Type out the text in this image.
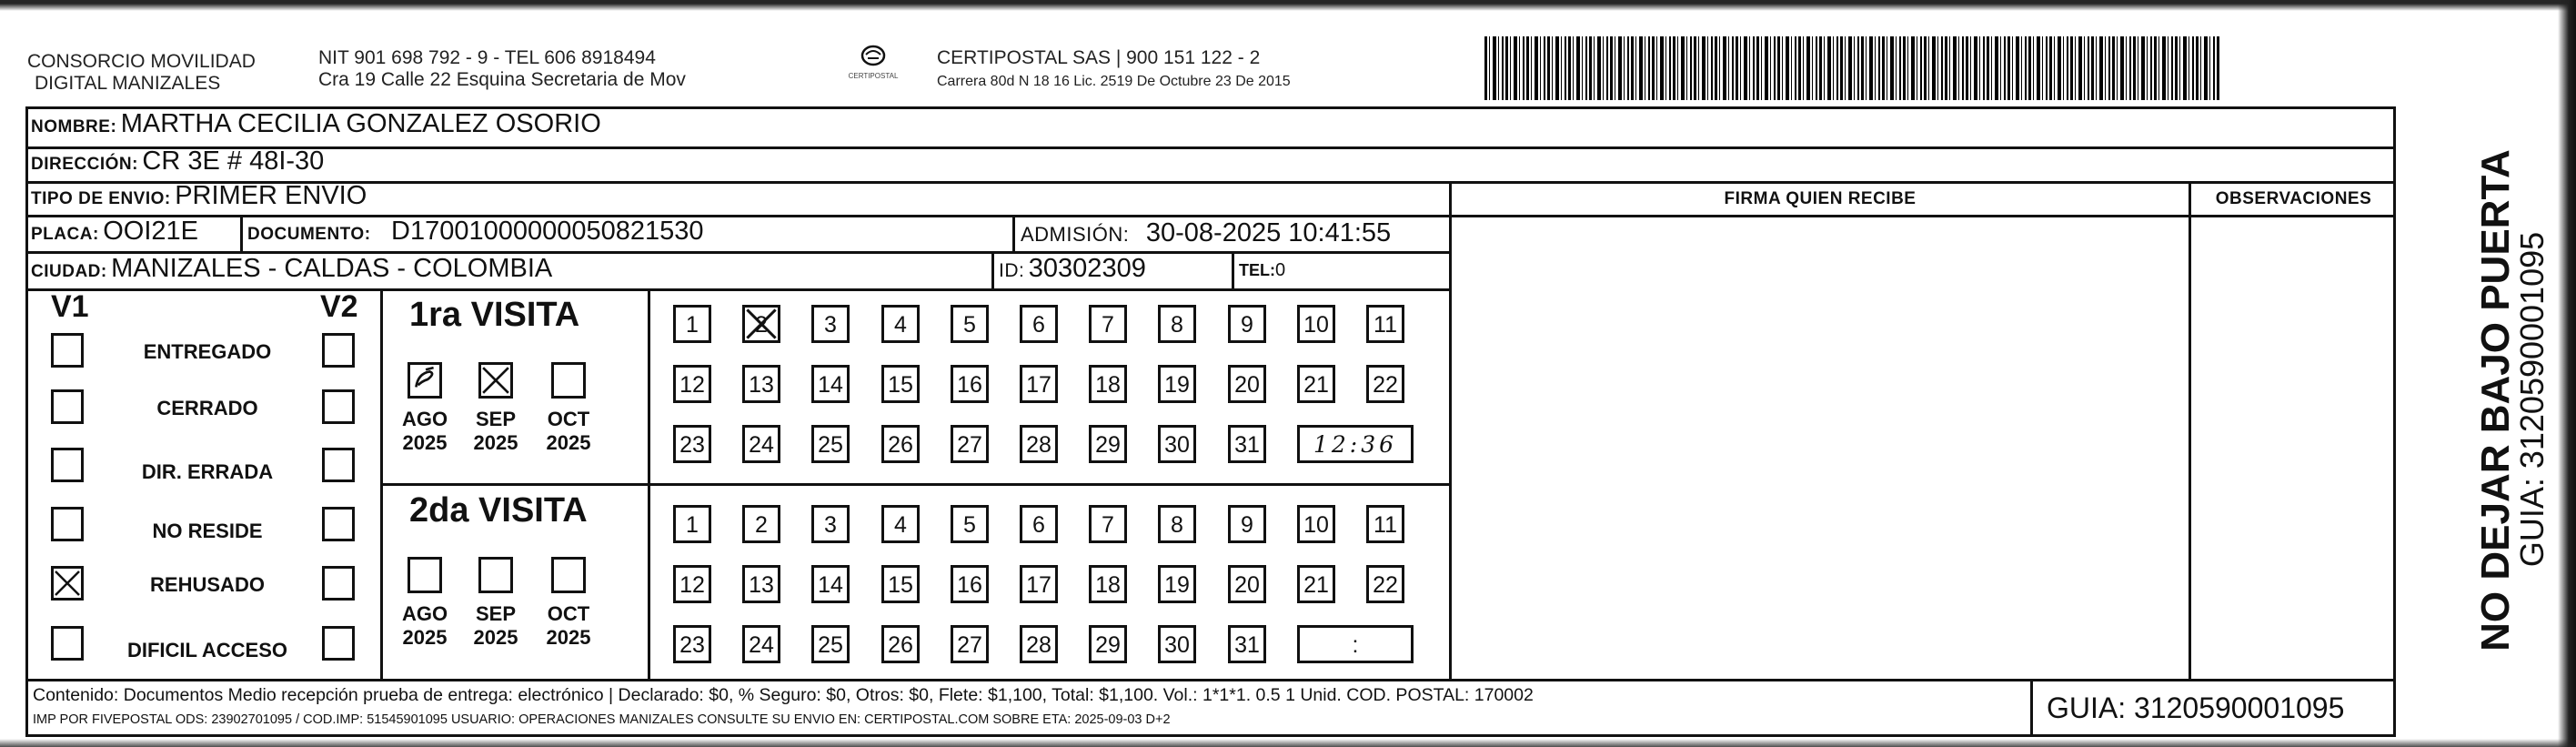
CONSORCIO MOVILIDAD
DIGITAL MANIZALES
NIT 901 698 792 - 9 - TEL 606 8918494
Cra 19 Calle 22 Esquina Secretaria de Mov	CERTIPOSTAL
CERTIPOSTAL SAS | 900 151 122 - 2
Carrera 80d N 18 16 Lic. 2519 De Octubre 23 De 2015
NOMBRE: MARTHA CECILIA GONZALEZ OSORIO
DIRECCIÓN: CR 3E # 48I-30
TIPO DE ENVIO: PRIMER ENVIO	FIRMA QUIEN RECIBE	OBSERVACIONES
PLACA: OOI21E	DOCUMENTO: D17001000000050821530	ADMISIÓN: 30-08-2025 10:41:55
CIUDAD: MANIZALES - CALDAS - COLOMBIA	ID: 30302309	TEL:0
V1	V2
ENTREGADO
CERRADO
DIR. ERRADA
NO RESIDE
REHUSADO
DIFICIL ACCESO
1ra VISITA
2da VISITA
AGO
2025
SEP
2025
OCT
2025
AGO
2025
SEP
2025
OCT
2025
1	2	3	4	5	6	7	8	9	10	11
12 13 14 15 16 17 18 19 20 21 22
23 24 25 26 27 28 29 30 31	12:36
1	2	3	4	5	6	7	8	9	10	11
12 13 14 15 16 17 18 19 20 21 22
23 24 25 26 27 28 29 30 31	:
Contenido: Documentos Medio recepción prueba de entrega: electrónico | Declarado: $0, % Seguro: $0, Otros: $0, Flete: $1,100, Total: $1,100. Vol.: 1*1*1. 0.5 1 Unid. COD. POSTAL: 170002
IMP POR FIVEPOSTAL ODS: 23902701095 / COD.IMP: 51545901095 USUARIO: OPERACIONES MANIZALES CONSULTE SU ENVIO EN: CERTIPOSTAL.COM SOBRE ETA: 2025-09-03 D+2	GUIA: 3120590001095
NO DEJAR BAJO PUERTA
GUIA: 3120590001095
